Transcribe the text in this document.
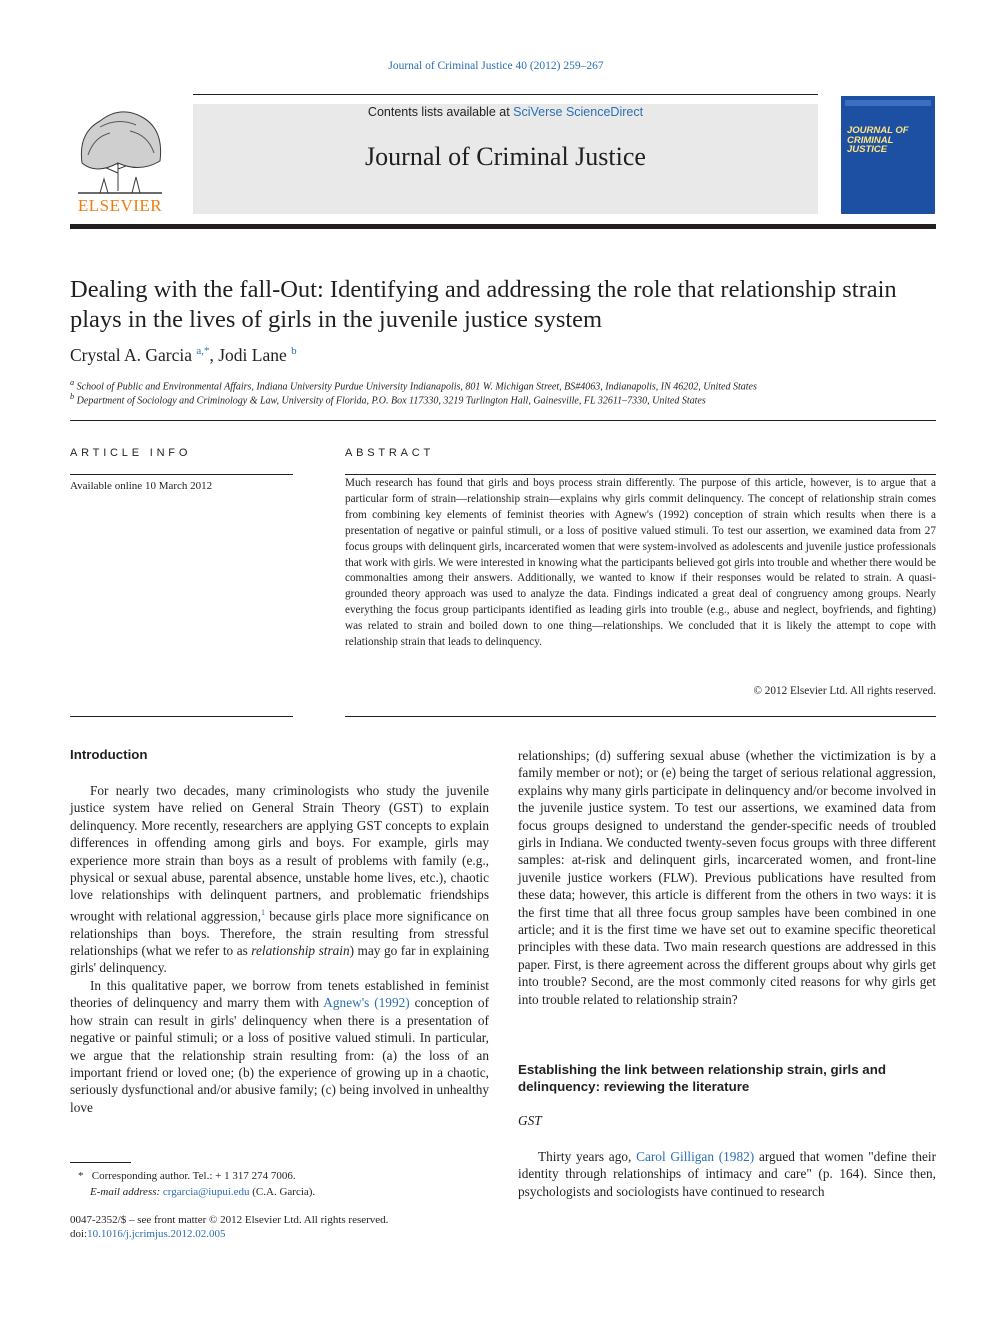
Journal of Criminal Justice 40 (2012) 259–267
ELSEVIER
Contents lists available at SciVerse ScienceDirect
Journal of Criminal Justice
JOURNAL OF CRIMINAL JUSTICE
Dealing with the fall-Out: Identifying and addressing the role that relationship strain plays in the lives of girls in the juvenile justice system
Crystal A. Garcia $^{a,*}$, Jodi Lane $^b$
$^a$ School of Public and Environmental Affairs, Indiana University Purdue University Indianapolis, 801 W. Michigan Street, BS#4063, Indianapolis, IN 46202, United States
$^b$ Department of Sociology and Criminology & Law, University of Florida, P.O. Box 117330, 3219 Turlington Hall, Gainesville, FL 32611–7330, United States
ARTICLE INFO
Available online 10 March 2012
ABSTRACT
Much research has found that girls and boys process strain differently. The purpose of this article, however, is to argue that a particular form of strain—relationship strain—explains why girls commit delinquency. The concept of relationship strain comes from combining key elements of feminist theories with Agnew's (1992) conception of strain which results when there is a presentation of negative or painful stimuli, or a loss of positive valued stimuli. To test our assertion, we examined data from 27 focus groups with delinquent girls, incarcerated women that were system-involved as adolescents and juvenile justice professionals that work with girls. We were interested in knowing what the participants believed got girls into trouble and whether there would be commonalties among their answers. Additionally, we wanted to know if their responses would be related to strain. A quasi-grounded theory approach was used to analyze the data. Findings indicated a great deal of congruency among groups. Nearly everything the focus group participants identified as leading girls into trouble (e.g., abuse and neglect, boyfriends, and fighting) was related to strain and boiled down to one thing—relationships. We concluded that it is likely the attempt to cope with relationship strain that leads to delinquency.
© 2012 Elsevier Ltd. All rights reserved.
Introduction

For nearly two decades, many criminologists who study the juvenile justice system have relied on General Strain Theory (GST) to explain delinquency. More recently, researchers are applying GST concepts to explain differences in offending among girls and boys. For example, girls may experience more strain than boys as a result of problems with family (e.g., physical or sexual abuse, parental absence, unstable home lives, etc.), chaotic love relationships with delinquent partners, and problematic friendships wrought with relational aggression,$^1$ because girls place more significance on relationships than boys. Therefore, the strain resulting from stressful relationships (what we refer to as relationship strain) may go far in explaining girls' delinquency.

In this qualitative paper, we borrow from tenets established in feminist theories of delinquency and marry them with Agnew's (1992) conception of how strain can result in girls' delinquency when there is a presentation of negative or painful stimuli; or a loss of positive valued stimuli. In particular, we argue that the relationship strain resulting from: (a) the loss of an important friend or loved one; (b) the experience of growing up in a chaotic, seriously dysfunctional and/or abusive family; (c) being involved in unhealthy love

relationships; (d) suffering sexual abuse (whether the victimization is by a family member or not); or (e) being the target of serious relational aggression, explains why many girls participate in delinquency and/or become involved in the juvenile justice system. To test our assertions, we examined data from focus groups designed to understand the gender-specific needs of troubled girls in Indiana. We conducted twenty-seven focus groups with three different samples: at-risk and delinquent girls, incarcerated women, and front-line juvenile justice workers (FLW). Previous publications have resulted from these data; however, this article is different from the others in two ways: it is the first time that all three focus group samples have been combined in one article; and it is the first time we have set out to examine specific theoretical principles with these data. Two main research questions are addressed in this paper. First, is there agreement across the different groups about why girls get into trouble? Second, are the most commonly cited reasons for why girls get into trouble related to relationship strain?

Establishing the link between relationship strain, girls and delinquency: reviewing the literature
GST

Thirty years ago, Carol Gilligan (1982) argued that women "define their identity through relationships of intimacy and care" (p. 164). Since then, psychologists and sociologists have continued to research

* Corresponding author. Tel.: + 1 317 274 7006.
E-mail address: crgarcia@iupui.edu (C.A. Garcia).
0047-2352/$ – see front matter © 2012 Elsevier Ltd. All rights reserved.
doi:10.1016/j.jcrimjus.2012.02.005
